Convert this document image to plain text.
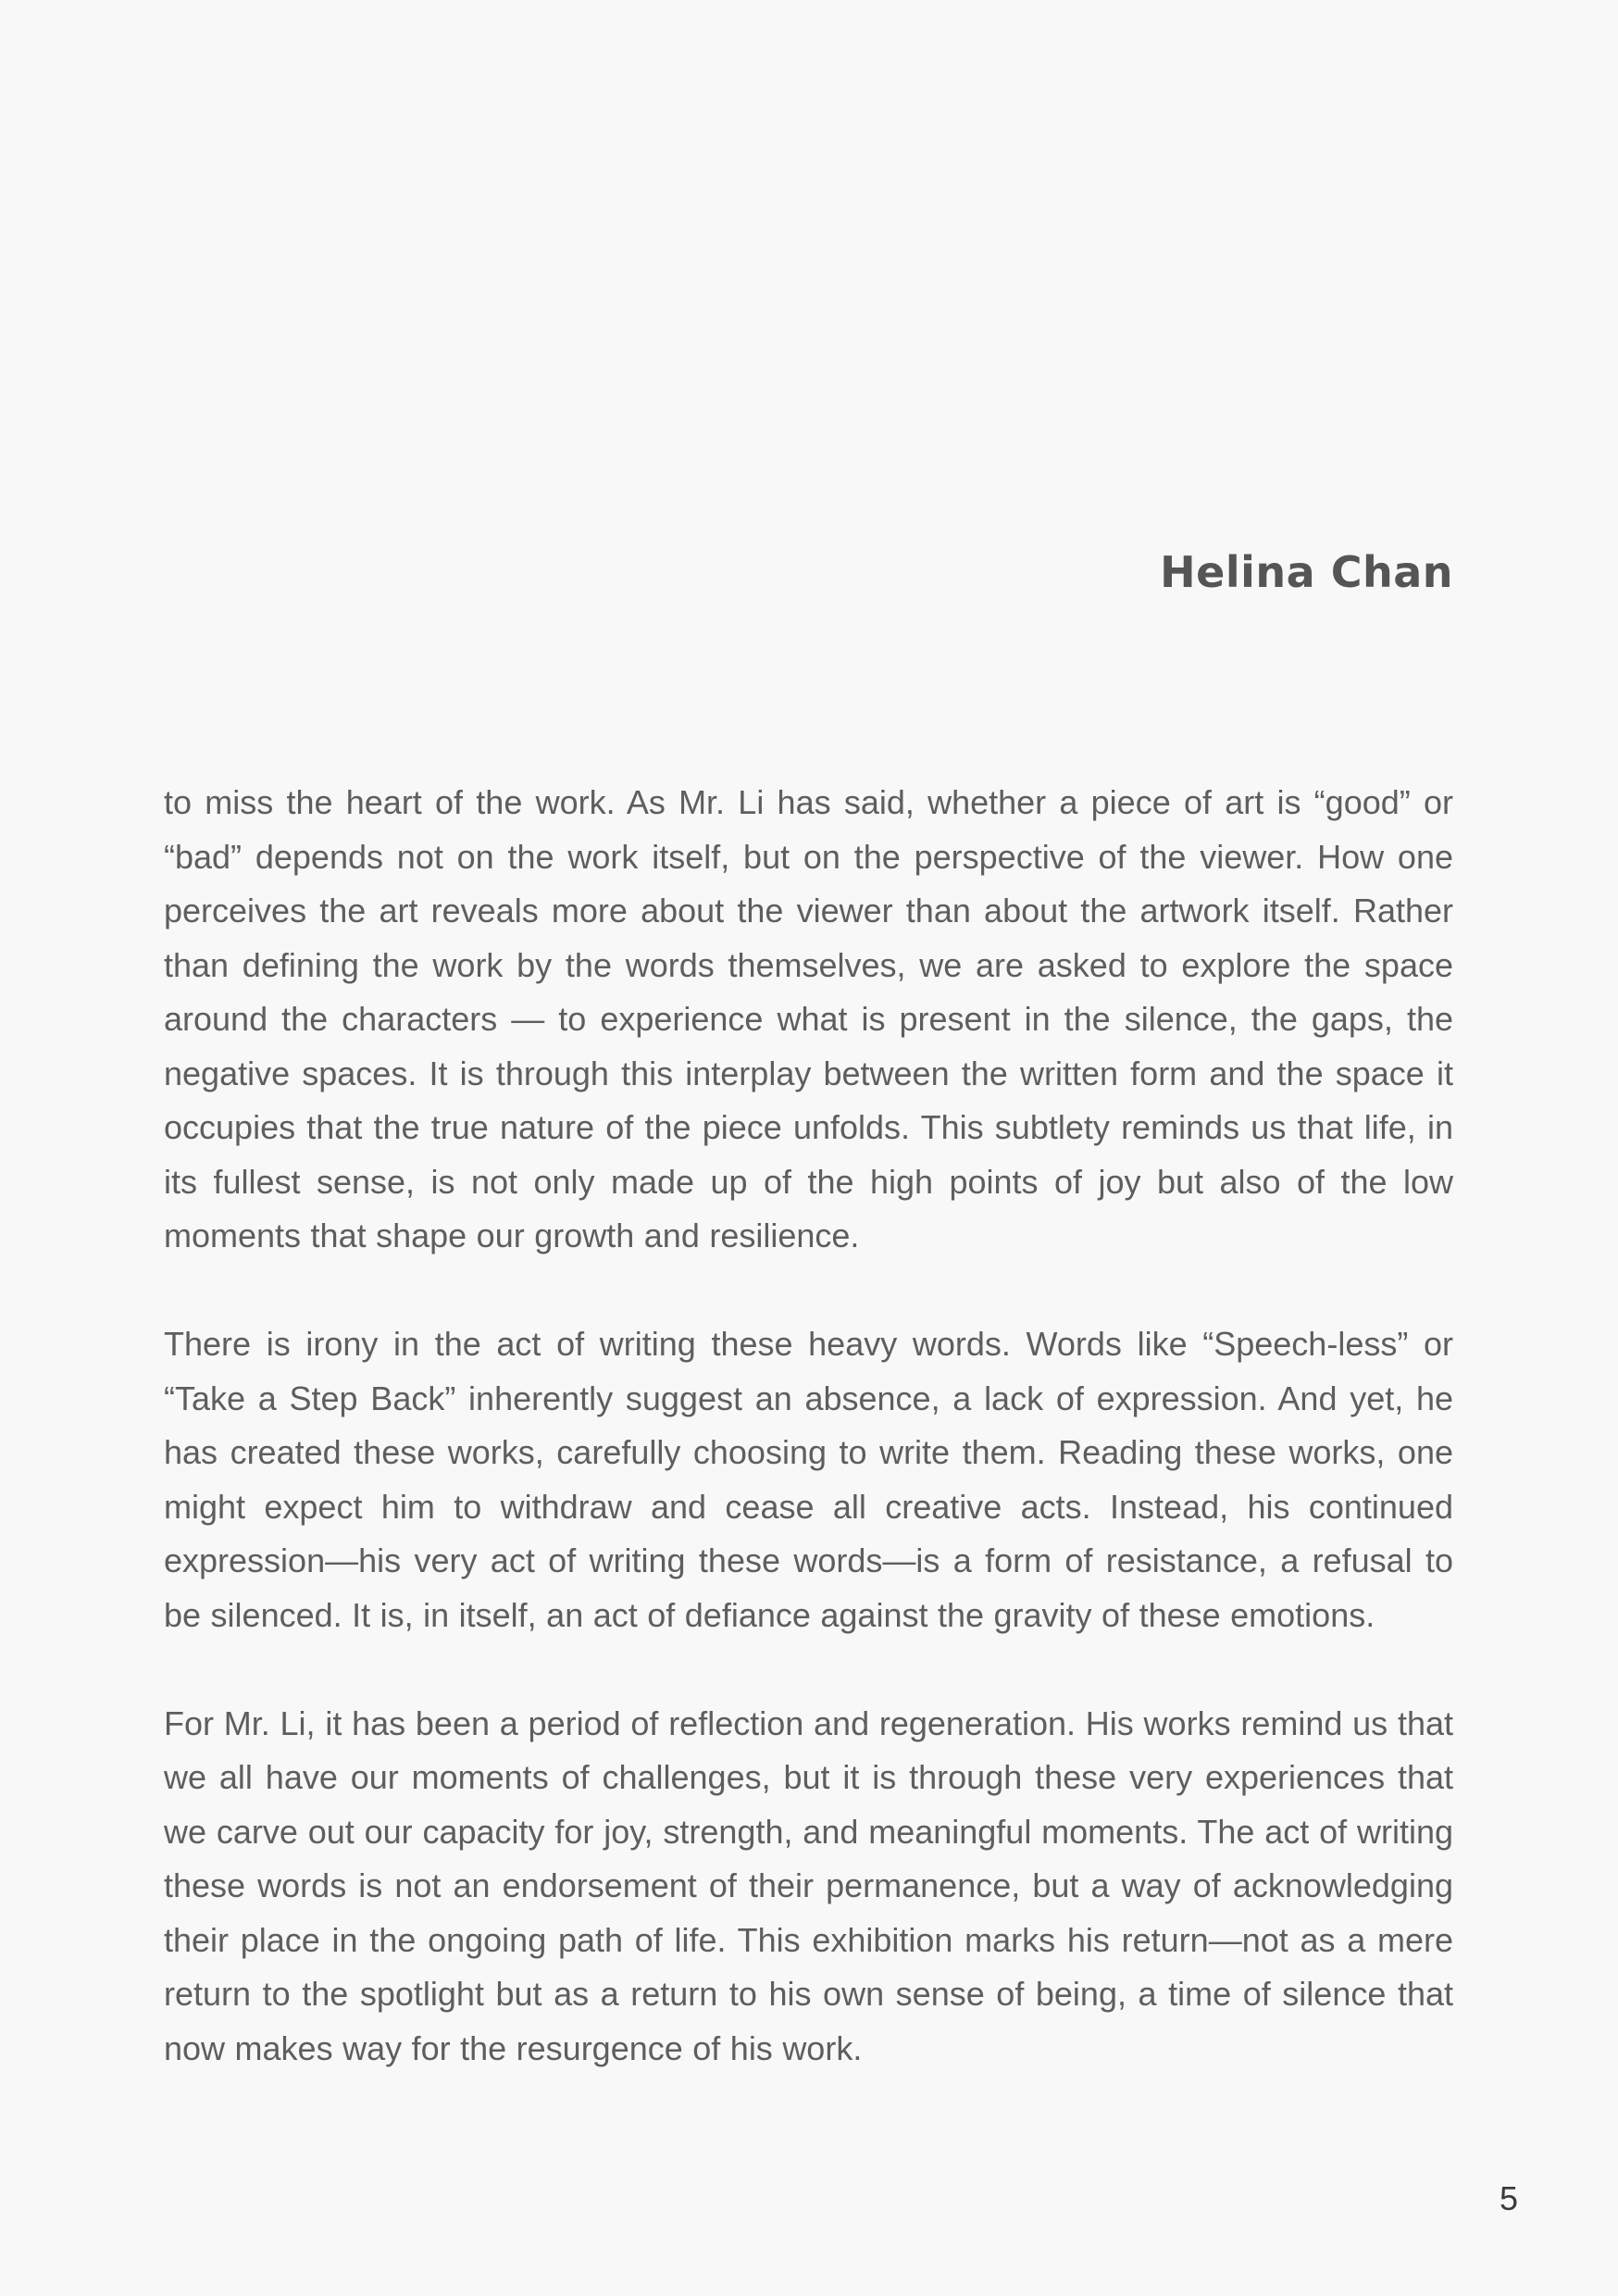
Helina Chan

to miss the heart of the work. As Mr. Li has said, whether a piece of art is “good” or “bad” depends not on the work itself, but on the perspective of the viewer. How one perceives the art reveals more about the viewer than about the artwork itself. Rather than defining the work by the words themselves, we are asked to explore the space around the characters — to experience what is present in the silence, the gaps, the negative spaces. It is through this interplay between the written form and the space it occupies that the true nature of the piece unfolds. This subtlety reminds us that life, in its fullest sense, is not only made up of the high points of joy but also of the low moments that shape our growth and resilience.

There is irony in the act of writing these heavy words. Words like “Speech-less” or “Take a Step Back” inherently suggest an absence, a lack of expression. And yet, he has created these works, carefully choosing to write them. Reading these works, one might expect him to withdraw and cease all creative acts. Instead, his continued expression—his very act of writing these words—is a form of resistance, a refusal to be silenced. It is, in itself, an act of defiance against the gravity of these emotions.

For Mr. Li, it has been a period of reflection and regeneration. His works remind us that we all have our moments of challenges, but it is through these very experiences that we carve out our capacity for joy, strength, and meaningful moments. The act of writing these words is not an endorsement of their permanence, but a way of acknowledging their place in the ongoing path of life. This exhibition marks his return—not as a mere return to the spotlight but as a return to his own sense of being, a time of silence that now makes way for the resurgence of his work.

5
